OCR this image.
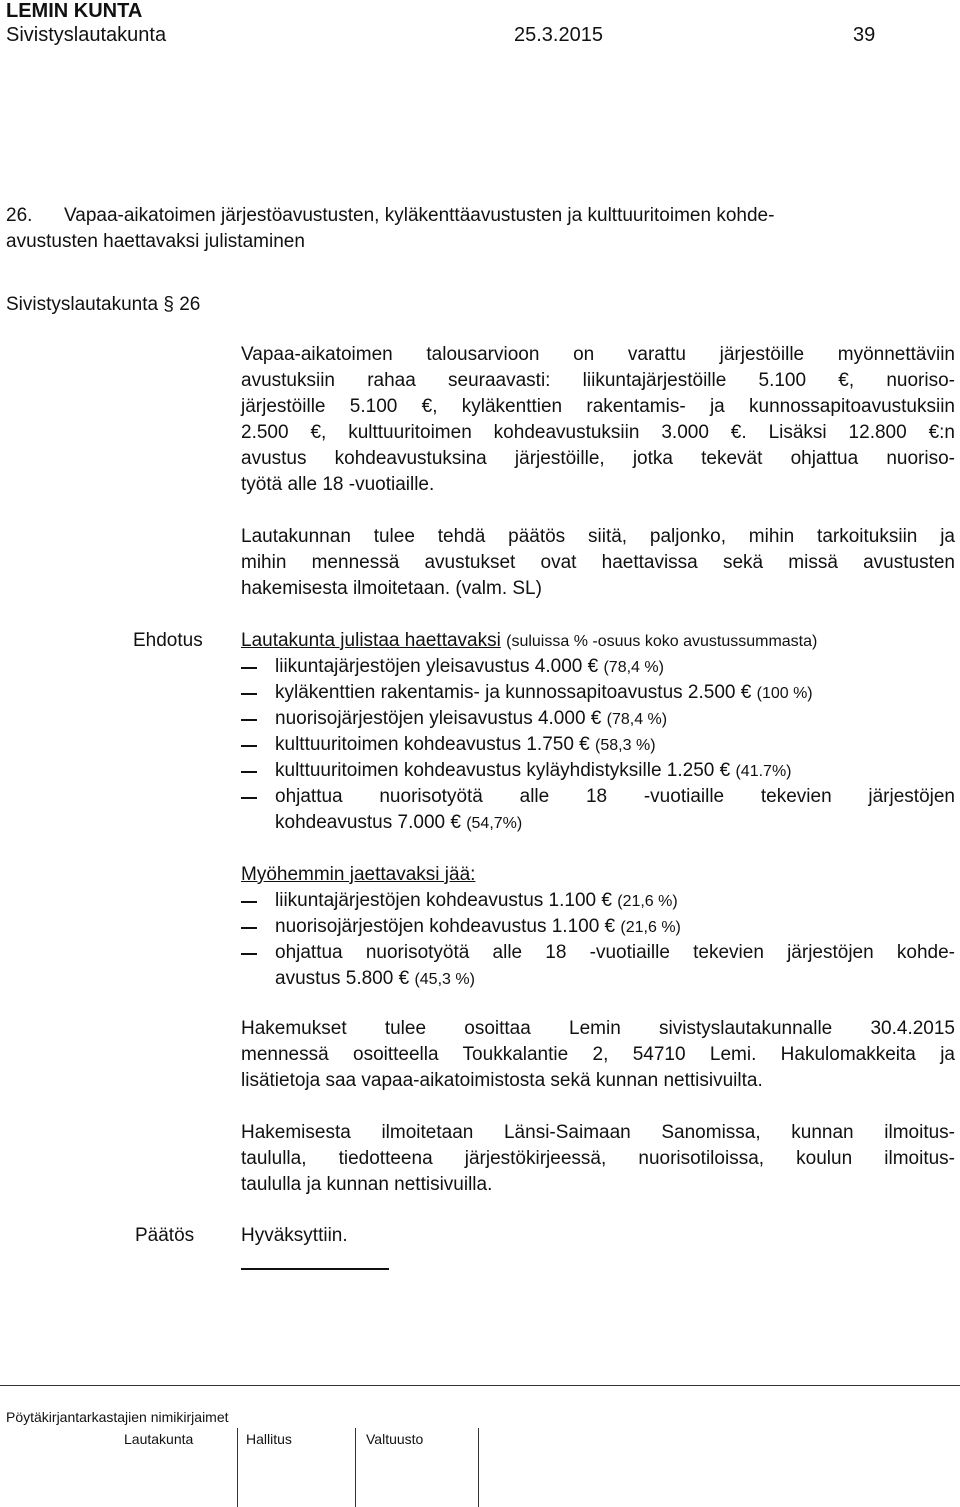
LEMIN KUNTA
Sivistyslautakunta	25.3.2015	39
26. Vapaa-aikatoimen järjestöavustusten, kyläkenttäavustusten ja kulttuuritoimen kohde-
avustusten haettavaksi julistaminen
Sivistyslautakunta § 26
Vapaa-aikatoimen talousarvioon on varattu järjestöille myönnettäviin
avustuksiin rahaa seuraavasti: liikuntajärjestöille 5.100 €, nuoriso-
järjestöille 5.100 €, kyläkenttien rakentamis- ja kunnossapitoavustuksiin
2.500 €, kulttuuritoimen kohdeavustuksiin 3.000 €. Lisäksi 12.800 €:n
avustus kohdeavustuksina järjestöille, jotka tekevät ohjattua nuoriso-
työtä alle 18 -vuotiaille.
Lautakunnan tulee tehdä päätös siitä, paljonko, mihin tarkoituksiin ja
mihin mennessä avustukset ovat haettavissa sekä missä avustusten
hakemisesta ilmoitetaan. (valm. SL)
Ehdotus Lautakunta julistaa haettavaksi (suluissa % -osuus koko avustussummasta)
liikuntajärjestöjen yleisavustus 4.000 € (78,4 %)
kyläkenttien rakentamis- ja kunnossapitoavustus 2.500 € (100 %)
nuorisojärjestöjen yleisavustus 4.000 € (78,4 %)
kulttuuritoimen kohdeavustus 1.750 € (58,3 %)
kulttuuritoimen kohdeavustus kyläyhdistyksille 1.250 € (41.7%)
ohjattua nuorisotyötä alle 18 -vuotiaille tekevien järjestöjen
kohdeavustus 7.000 € (54,7%)
Myöhemmin jaettavaksi jää:
liikuntajärjestöjen kohdeavustus 1.100 € (21,6 %)
nuorisojärjestöjen kohdeavustus 1.100 € (21,6 %)
ohjattua nuorisotyötä alle 18 -vuotiaille tekevien järjestöjen kohde-
avustus 5.800 € (45,3 %)
Hakemukset tulee osoittaa Lemin sivistyslautakunnalle 30.4.2015
mennessä osoitteella Toukkalantie 2, 54710 Lemi. Hakulomakkeita ja
lisätietoja saa vapaa-aikatoimistosta sekä kunnan nettisivuilta.
Hakemisesta ilmoitetaan Länsi-Saimaan Sanomissa, kunnan ilmoitus-
taululla, tiedotteena järjestökirjeessä, nuorisotiloissa, koulun ilmoitus-
taululla ja kunnan nettisivuilla.
Päätös Hyväksyttiin.
Pöytäkirjantarkastajien nimikirjaimet
Lautakunta	Hallitus	Valtuusto
